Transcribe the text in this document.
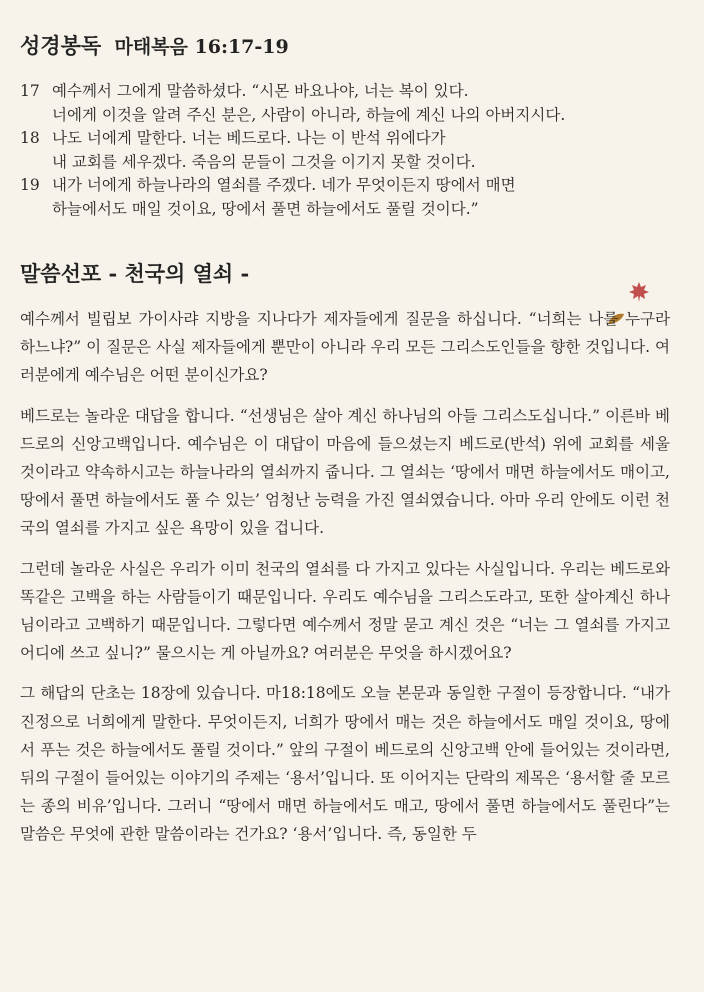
성경봉독 마태복음 16:17-19
17 예수께서 그에게 말씀하셨다. “시몬 바요나야, 너는 복이 있다.
너에게 이것을 알려 주신 분은, 사람이 아니라, 하늘에 계신 나의 아버지시다.
18 나도 너에게 말한다. 너는 베드로다. 나는 이 반석 위에다가
내 교회를 세우겠다. 죽음의 문들이 그것을 이기지 못할 것이다.
19 내가 너에게 하늘나라의 열쇠를 주겠다. 네가 무엇이든지 땅에서 매면
하늘에서도 매일 것이요, 땅에서 풀면 하늘에서도 풀릴 것이다.”
말씀선포 - 천국의 열쇠 -

예수께서 빌립보 가이사랴 지방을 지나다가 제자들에게 질문을 하십니다. “너희는 나를 누구라 하느냐?” 이 질문은 사실 제자들에게 뿐만이 아니라 우리 모든 그리스도인들을 향한 것입니다. 여러분에게 예수님은 어떤 분이신가요?

베드로는 놀라운 대답을 합니다. “선생님은 살아 계신 하나님의 아들 그리스도십니다.” 이른바 베드로의 신앙고백입니다. 예수님은 이 대답이 마음에 들으셨는지 베드로(반석) 위에 교회를 세울 것이라고 약속하시고는 하늘나라의 열쇠까지 줍니다. 그 열쇠는 ‘땅에서 매면 하늘에서도 매이고, 땅에서 풀면 하늘에서도 풀 수 있는’ 엄청난 능력을 가진 열쇠였습니다. 아마 우리 안에도 이런 천국의 열쇠를 가지고 싶은 욕망이 있을 겁니다.

그런데 놀라운 사실은 우리가 이미 천국의 열쇠를 다 가지고 있다는 사실입니다. 우리는 베드로와 똑같은 고백을 하는 사람들이기 때문입니다. 우리도 예수님을 그리스도라고, 또한 살아계신 하나님이라고 고백하기 때문입니다. 그렇다면 예수께서 정말 묻고 계신 것은 “너는 그 열쇠를 가지고 어디에 쓰고 싶니?” 물으시는 게 아닐까요? 여러분은 무엇을 하시겠어요?

그 해답의 단초는 18장에 있습니다. 마18:18에도 오늘 본문과 동일한 구절이 등장합니다. “내가 진정으로 너희에게 말한다. 무엇이든지, 너희가 땅에서 매는 것은 하늘에서도 매일 것이요, 땅에서 푸는 것은 하늘에서도 풀릴 것이다.” 앞의 구절이 베드로의 신앙고백 안에 들어있는 것이라면, 뒤의 구절이 들어있는 이야기의 주제는 ‘용서’입니다. 또 이어지는 단락의 제목은 ‘용서할 줄 모르는 종의 비유’입니다. 그러니 “땅에서 매면 하늘에서도 매고, 땅에서 풀면 하늘에서도 풀린다”는 말씀은 무엇에 관한 말씀이라는 건가요? ‘용서’입니다. 즉, 동일한 두
